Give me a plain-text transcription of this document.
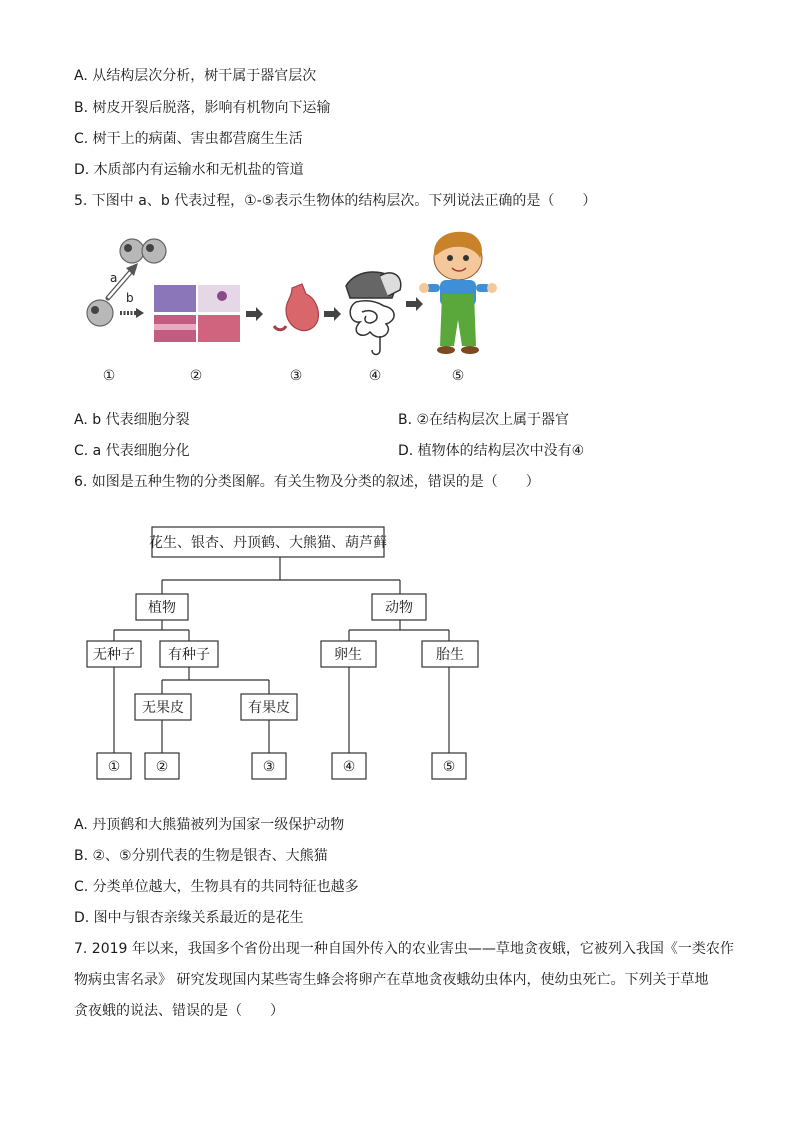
A. 从结构层次分析，树干属于器官层次
B. 树皮开裂后脱落，影响有机物向下运输
C. 树干上的病菌、害虫都营腐生生活
D. 木质部内有运输水和无机盐的管道
5. 下图中 a、b 代表过程，①-⑤表示生物体的结构层次。下列说法正确的是（　　）
a
b
①	②	③	④	⑤
A. b 代表细胞分裂	B. ②在结构层次上属于器官
C. a 代表细胞分化	D. 植物体的结构层次中没有④
6. 如图是五种生物的分类图解。有关生物及分类的叙述，错误的是（　　）
花生、银杏、丹顶鹤、大熊猫、葫芦藓
植物	动物
无种子 有种子	卵生	胎生
无果皮	有果皮
①	②	③	④	⑤
A. 丹顶鹤和大熊猫被列为国家一级保护动物
B. ②、⑤分别代表的生物是银杏、大熊猫
C. 分类单位越大，生物具有的共同特征也越多
D. 图中与银杏亲缘关系最近的是花生
7. 2019 年以来，我国多个省份出现一种自国外传入的农业害虫——草地贪夜蛾，它被列入我国《一类农作
物病虫害名录》 研究发现国内某些寄生蜂会将卵产在草地贪夜蛾幼虫体内，使幼虫死亡。下列关于草地
贪夜蛾的说法、错误的是（　　）
